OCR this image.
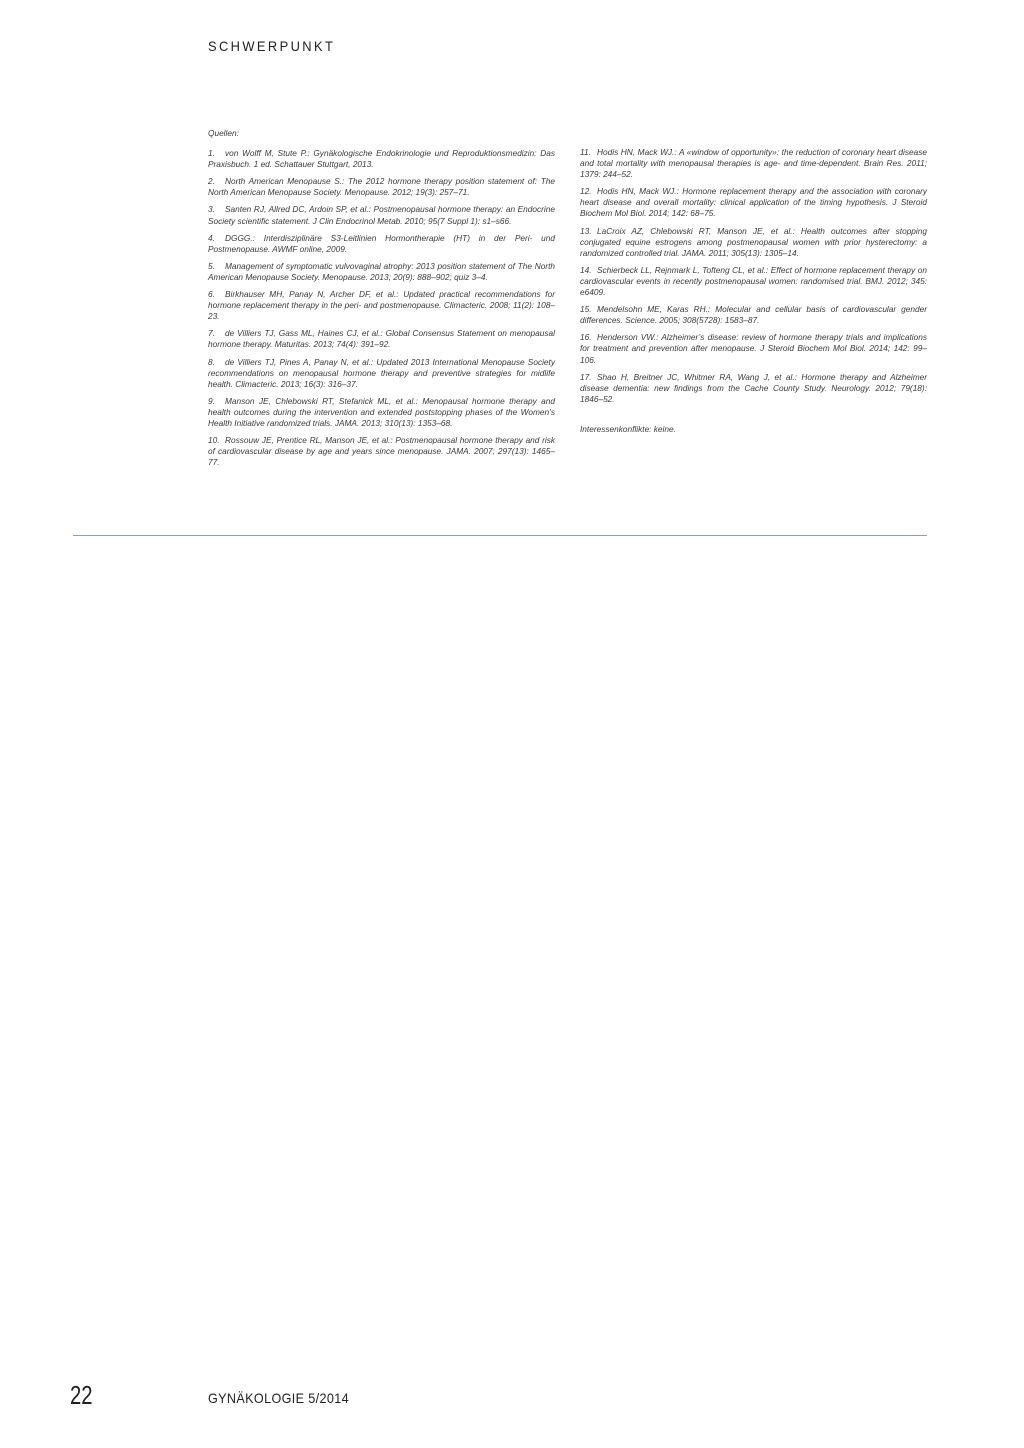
SCHWERPUNKT

Quellen:

1. von Wolff M, Stute P.: Gynäkologische Endokrinologie und Reproduktionsmedizin: Das Praxisbuch. 1 ed. Schattauer Stuttgart, 2013.

2. North American Menopause S.: The 2012 hormone therapy position statement of: The North American Menopause Society. Menopause. 2012; 19(3): 257–71.

3. Santen RJ, Allred DC, Ardoin SP, et al.: Postmenopausal hormone therapy: an Endocrine Society scientific statement. J Clin Endocrinol Metab. 2010; 95(7 Suppl 1): s1–s66.

4. DGGG.: Interdisziplinäre S3-Leitlinien Hormontherapie (HT) in der Peri- und Postmenopause. AWMF online, 2009.

5. Management of symptomatic vulvovaginal atrophy: 2013 position statement of The North American Menopause Society. Menopause. 2013; 20(9): 888–902; quiz 3–4.

6. Birkhauser MH, Panay N, Archer DF, et al.: Updated practical recommendations for hormone replacement therapy in the peri- and postmenopause. Climacteric. 2008; 11(2): 108–23.

7. de Villiers TJ, Gass ML, Haines CJ, et al.: Global Consensus Statement on menopausal hormone therapy. Maturitas. 2013; 74(4): 391–92.

8. de Villiers TJ, Pines A, Panay N, et al.: Updated 2013 International Menopause Society recommendations on menopausal hormone therapy and preventive strategies for midlife health. Climacteric. 2013; 16(3): 316–37.

9. Manson JE, Chlebowski RT, Stefanick ML, et al.: Menopausal hormone therapy and health outcomes during the intervention and extended poststopping phases of the Women’s Health Initiative randomized trials. JAMA. 2013; 310(13): 1353–68.

10. Rossouw JE, Prentice RL, Manson JE, et al.: Postmenopausal hormone therapy and risk of cardiovascular disease by age and years since menopause. JAMA. 2007; 297(13): 1465–77.

11. Hodis HN, Mack WJ.: A «window of opportunity»: the reduction of coronary heart disease and total mortality with menopausal therapies is age- and time-dependent. Brain Res. 2011; 1379: 244–52.

12. Hodis HN, Mack WJ.: Hormone replacement therapy and the association with coronary heart disease and overall mortality: clinical application of the timing hypothesis. J Steroid Biochem Mol Biol. 2014; 142: 68–75.

13. LaCroix AZ, Chlebowski RT, Manson JE, et al.: Health outcomes after stopping conjugated equine estrogens among postmenopausal women with prior hysterectomy: a randomized controlled trial. JAMA. 2011; 305(13): 1305–14.

14. Schierbeck LL, Rejnmark L, Tofteng CL, et al.: Effect of hormone replacement therapy on cardiovascular events in recently postmenopausal women: randomised trial. BMJ. 2012; 345: e6409.

15. Mendelsohn ME, Karas RH.: Molecular and cellular basis of cardiovascular gender differences. Science. 2005; 308(5728): 1583–87.

16. Henderson VW.: Alzheimer’s disease: review of hormone therapy trials and implications for treatment and prevention after menopause. J Steroid Biochem Mol Biol. 2014; 142: 99–106.

17. Shao H, Breitner JC, Whitmer RA, Wang J, et al.: Hormone therapy and Alzheimer disease dementia: new findings from the Cache County Study. Neurology. 2012; 79(18): 1846–52.

Interessenkonflikte: keine.

22	GYNÄKOLOGIE 5/2014
